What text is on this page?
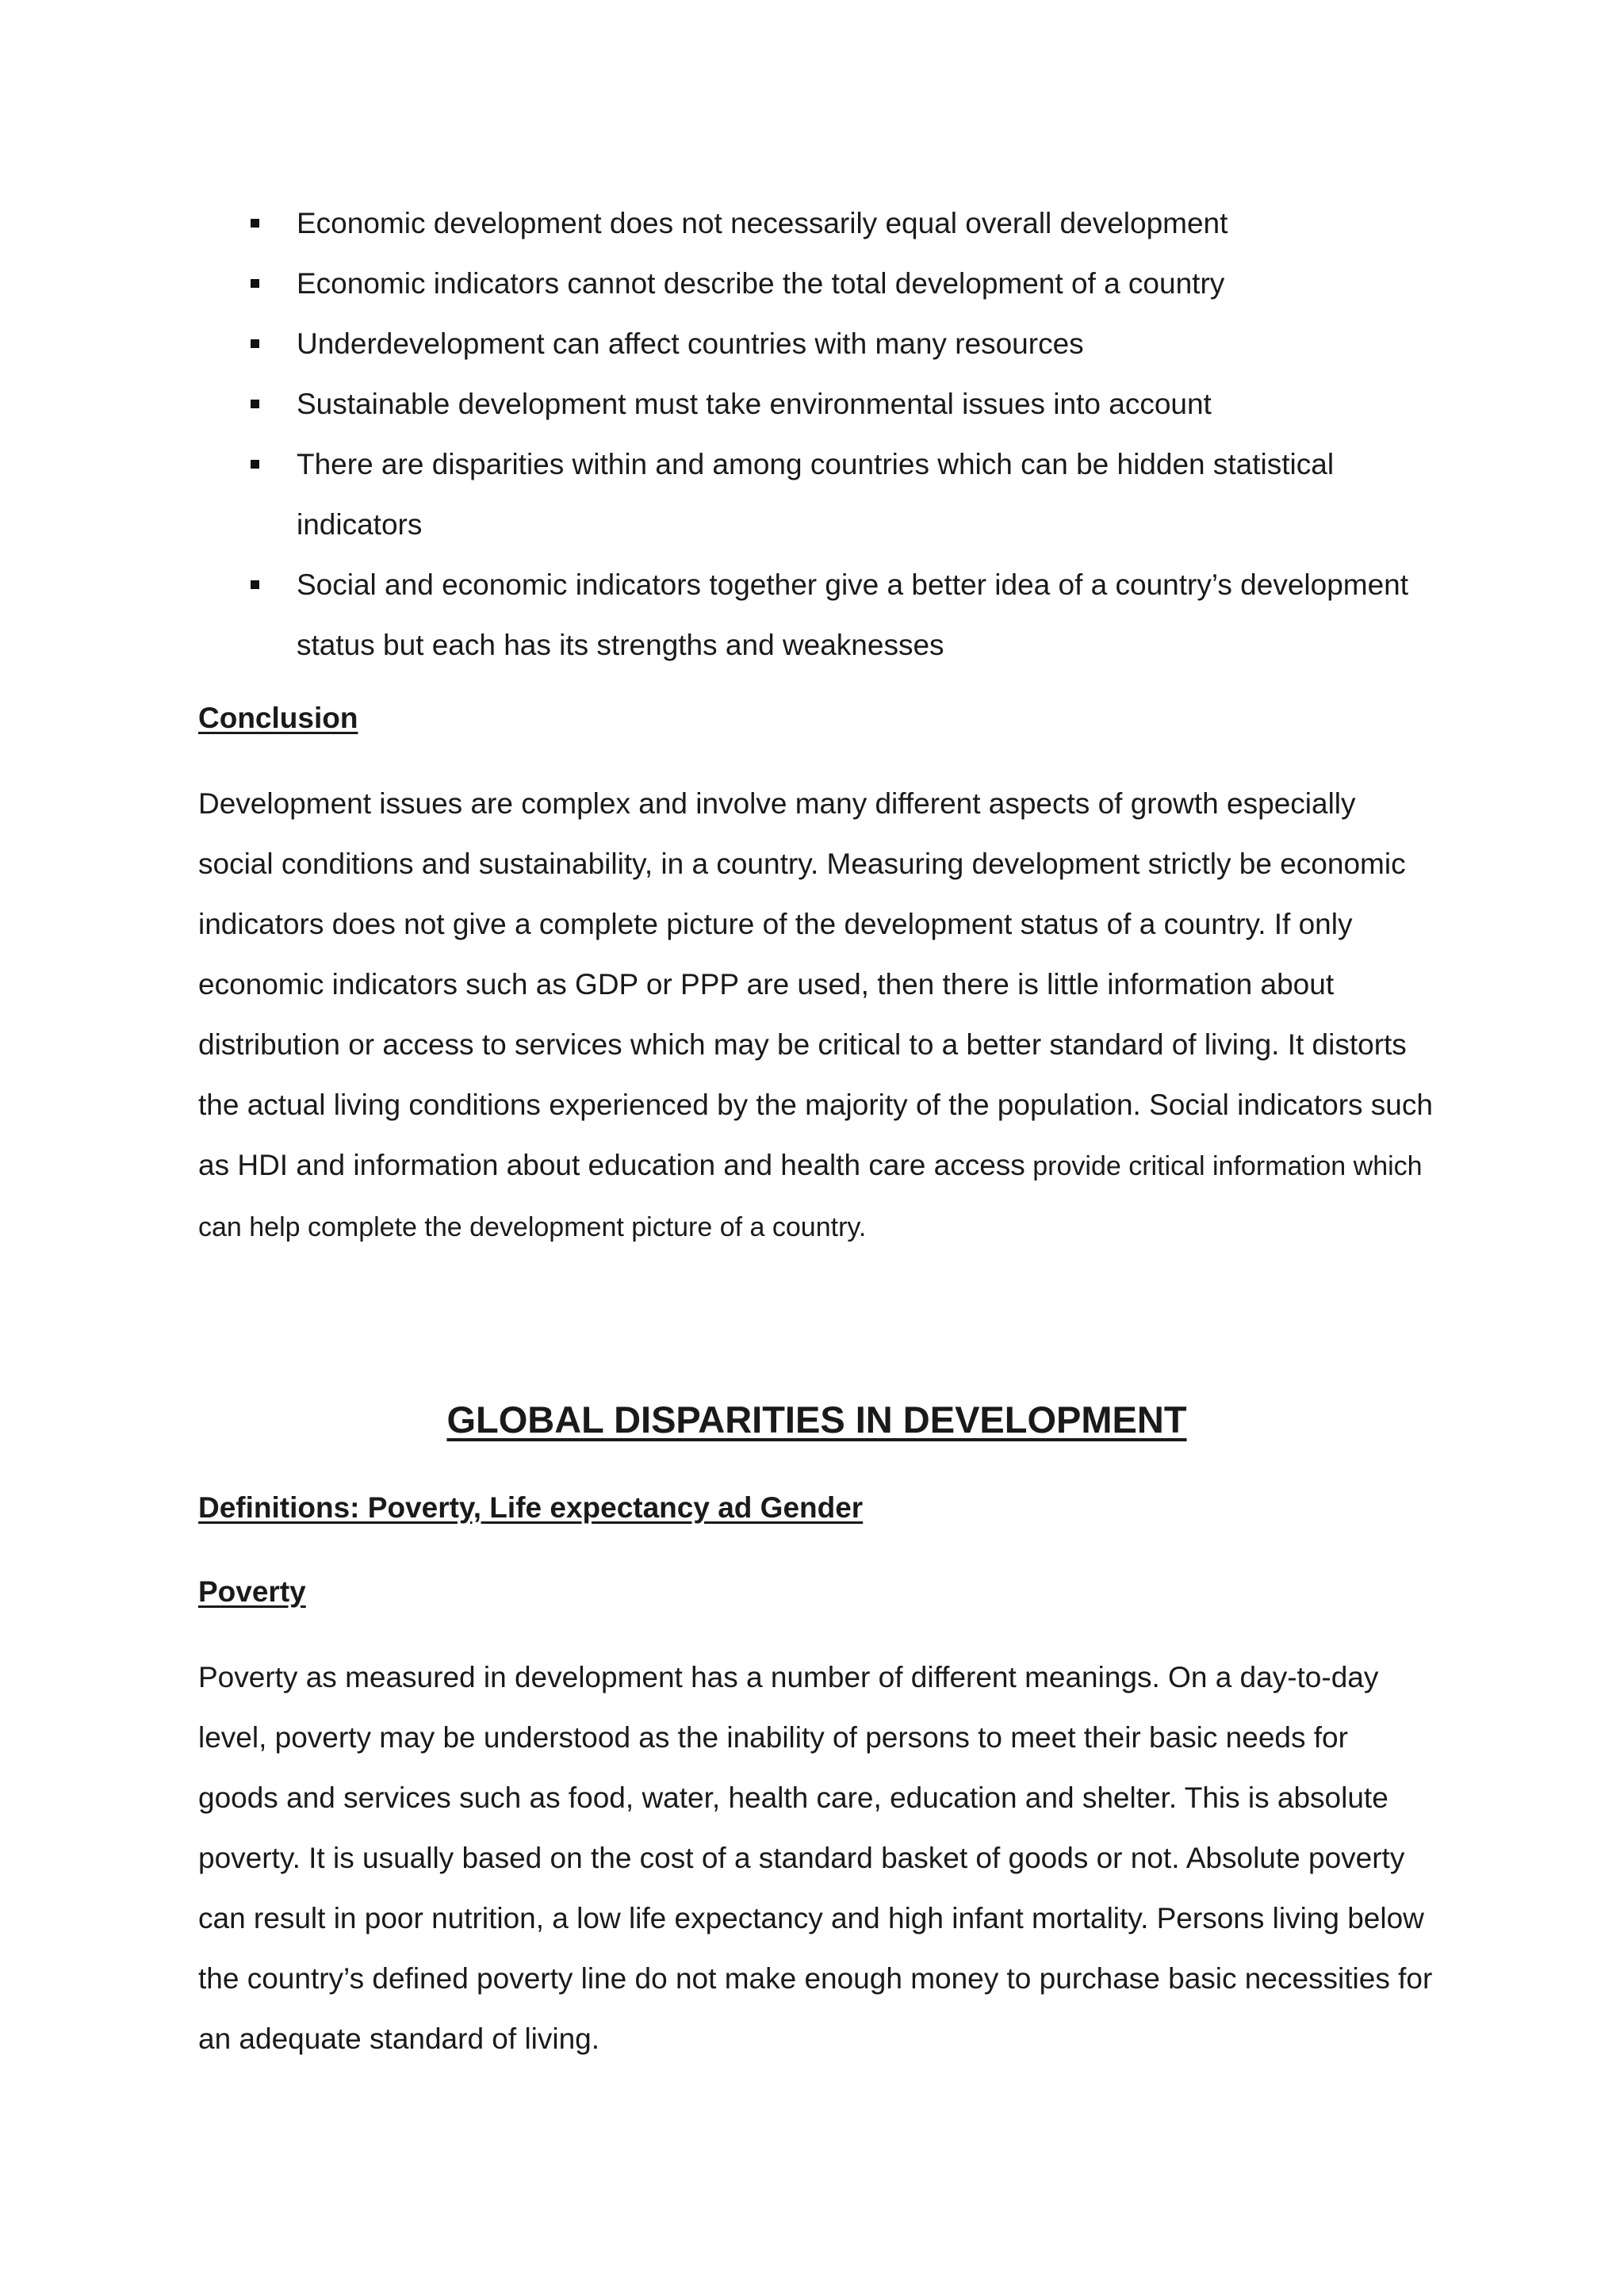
Economic development does not necessarily equal overall development
Economic indicators cannot describe the total development of a country
Underdevelopment can affect countries with many resources
Sustainable development must take environmental issues into account
There are disparities within and among countries which can be hidden statistical indicators
Social and economic indicators together give a better idea of a country’s development status but each has its strengths and weaknesses
Conclusion

Development issues are complex and involve many different aspects of growth especially social conditions and sustainability, in a country. Measuring development strictly be economic indicators does not give a complete picture of the development status of a country. If only economic indicators such as GDP or PPP are used, then there is little information about distribution or access to services which may be critical to a better standard of living. It distorts the actual living conditions experienced by the majority of the population. Social indicators such as HDI and information about education and health care access provide critical information which can help complete the development picture of a country.

GLOBAL DISPARITIES IN DEVELOPMENT
Definitions: Poverty, Life expectancy ad Gender
Poverty

Poverty as measured in development has a number of different meanings. On a day-to-day level, poverty may be understood as the inability of persons to meet their basic needs for goods and services such as food, water, health care, education and shelter. This is absolute poverty. It is usually based on the cost of a standard basket of goods or not. Absolute poverty can result in poor nutrition, a low life expectancy and high infant mortality. Persons living below the country’s defined poverty line do not make enough money to purchase basic necessities for an adequate standard of living.
